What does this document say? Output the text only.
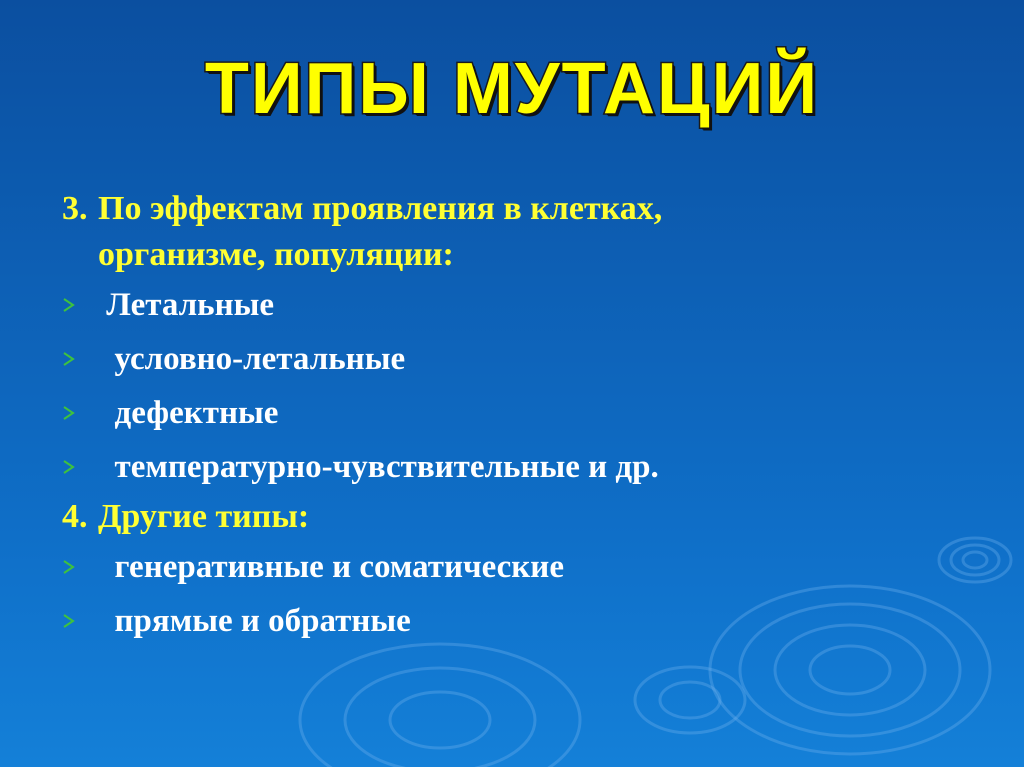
ТИПЫ МУТАЦИЙ

3. По эффектам проявления в клетках,
организме, популяции:

Летальные
условно-летальные
дефектные
температурно-чувствительные и др.

4. Другие типы:

генеративные и соматические
прямые и обратные
